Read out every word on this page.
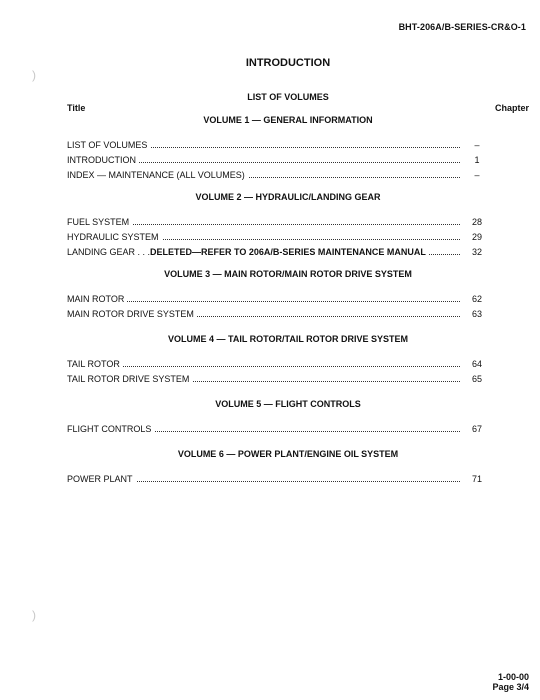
)
)
BHT-206A/B-SERIES-CR&O-1
INTRODUCTION
LIST OF VOLUMES
Title	Chapter
VOLUME 1 — GENERAL INFORMATION
LIST OF VOLUMES	–
INTRODUCTION	1
INDEX — MAINTENANCE (ALL VOLUMES)	–
VOLUME 2 — HYDRAULIC/LANDING GEAR
FUEL SYSTEM	28
HYDRAULIC SYSTEM	29
LANDING GEAR . . .DELETED—REFER TO 206A/B-SERIES MAINTENANCE MANUAL	32
VOLUME 3 — MAIN ROTOR/MAIN ROTOR DRIVE SYSTEM
MAIN ROTOR	62
MAIN ROTOR DRIVE SYSTEM	63
VOLUME 4 — TAIL ROTOR/TAIL ROTOR DRIVE SYSTEM
TAIL ROTOR	64
TAIL ROTOR DRIVE SYSTEM	65
VOLUME 5 — FLIGHT CONTROLS
FLIGHT CONTROLS	67
VOLUME 6 — POWER PLANT/ENGINE OIL SYSTEM
POWER PLANT	71
1-00-00
Page 3/4
